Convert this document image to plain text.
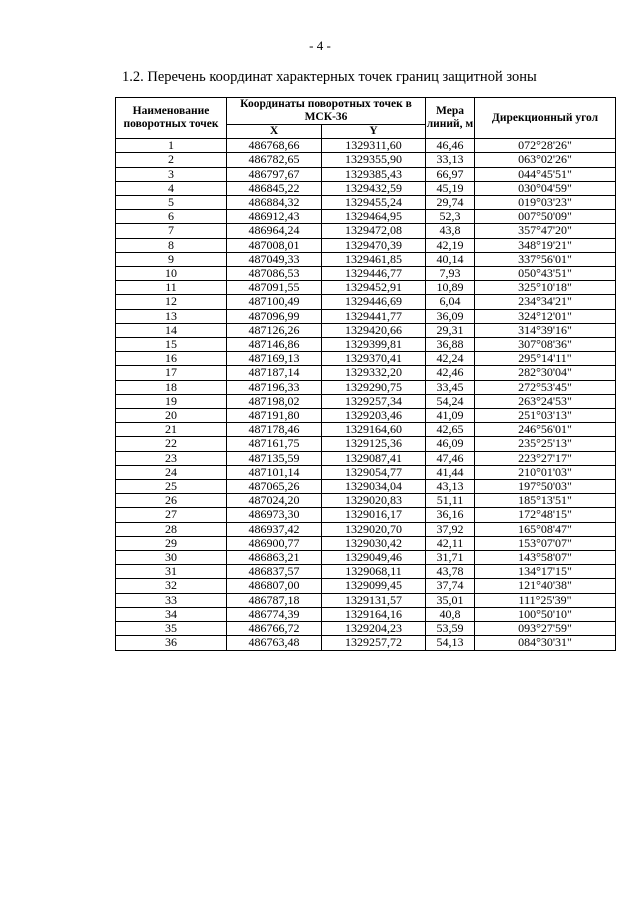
- 4 -
1.2. Перечень координат характерных точек границ защитной зоны
Наименование поворотных точек	Координаты поворотных точек в МСК-36		Мера линий, м	Дирекционный угол
	X	Y		
1	486768,66	1329311,60	46,46	072°28'26"
2	486782,65	1329355,90	33,13	063°02'26"
3	486797,67	1329385,43	66,97	044°45'51"
4	486845,22	1329432,59	45,19	030°04'59"
5	486884,32	1329455,24	29,74	019°03'23"
6	486912,43	1329464,95	52,3	007°50'09"
7	486964,24	1329472,08	43,8	357°47'20"
8	487008,01	1329470,39	42,19	348°19'21"
9	487049,33	1329461,85	40,14	337°56'01"
10	487086,53	1329446,77	7,93	050°43'51"
11	487091,55	1329452,91	10,89	325°10'18"
12	487100,49	1329446,69	6,04	234°34'21"
13	487096,99	1329441,77	36,09	324°12'01"
14	487126,26	1329420,66	29,31	314°39'16"
15	487146,86	1329399,81	36,88	307°08'36"
16	487169,13	1329370,41	42,24	295°14'11"
17	487187,14	1329332,20	42,46	282°30'04"
18	487196,33	1329290,75	33,45	272°53'45"
19	487198,02	1329257,34	54,24	263°24'53"
20	487191,80	1329203,46	41,09	251°03'13"
21	487178,46	1329164,60	42,65	246°56'01"
22	487161,75	1329125,36	46,09	235°25'13"
23	487135,59	1329087,41	47,46	223°27'17"
24	487101,14	1329054,77	41,44	210°01'03"
25	487065,26	1329034,04	43,13	197°50'03"
26	487024,20	1329020,83	51,11	185°13'51"
27	486973,30	1329016,17	36,16	172°48'15"
28	486937,42	1329020,70	37,92	165°08'47"
29	486900,77	1329030,42	42,11	153°07'07"
30	486863,21	1329049,46	31,71	143°58'07"
31	486837,57	1329068,11	43,78	134°17'15"
32	486807,00	1329099,45	37,74	121°40'38"
33	486787,18	1329131,57	35,01	111°25'39"
34	486774,39	1329164,16	40,8	100°50'10"
35	486766,72	1329204,23	53,59	093°27'59"
36	486763,48	1329257,72	54,13	084°30'31"
